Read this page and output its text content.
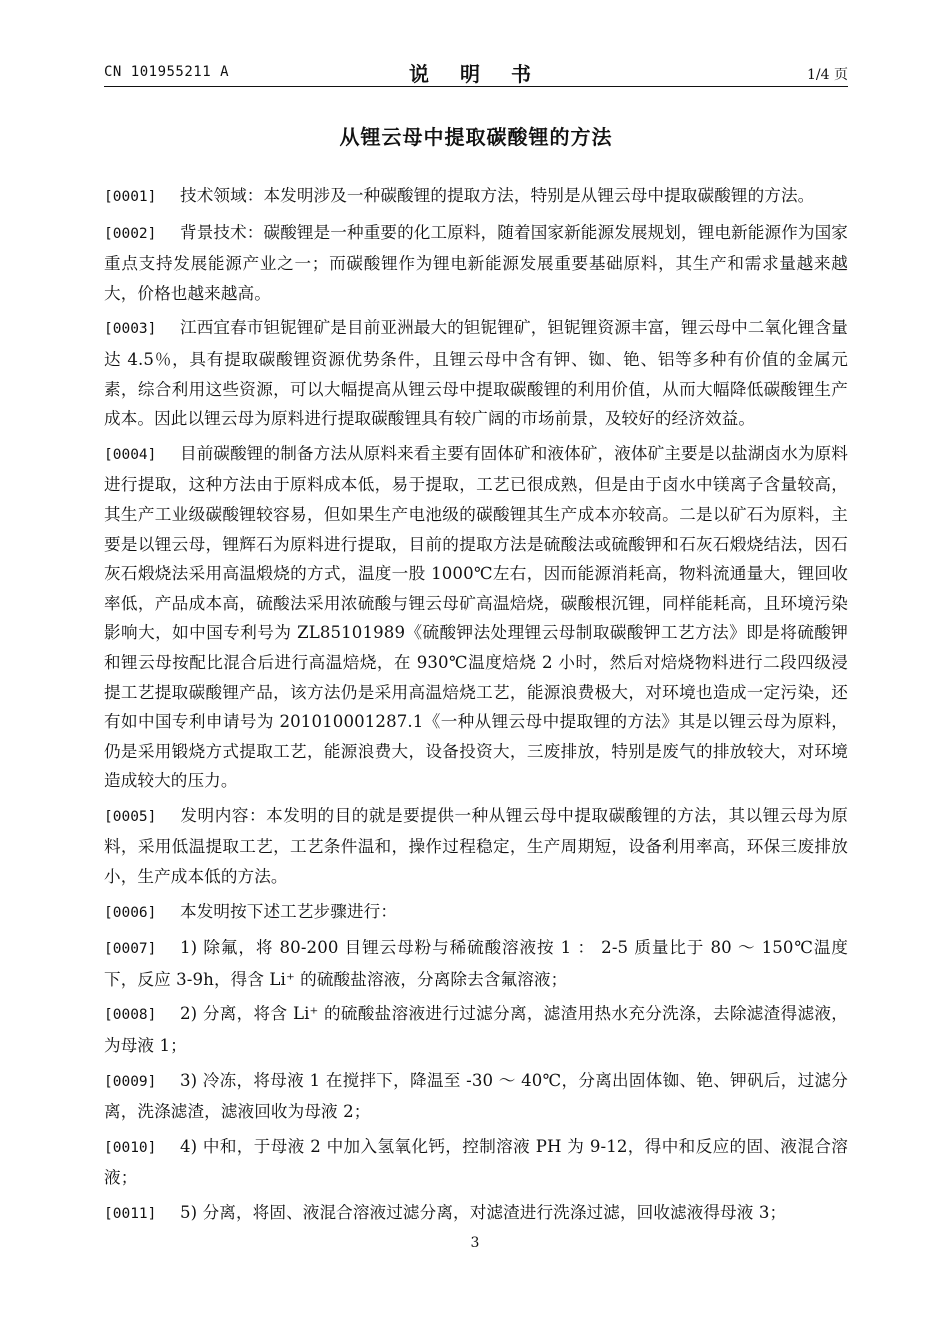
CN 101955211 A	说 明 书	1/4 页
从锂云母中提取碳酸锂的方法

[0001] 技术领域：本发明涉及一种碳酸锂的提取方法，特别是从锂云母中提取碳酸锂的方法。

[0002] 背景技术：碳酸锂是一种重要的化工原料，随着国家新能源发展规划，锂电新能源作为国家重点支持发展能源产业之一；而碳酸锂作为锂电新能源发展重要基础原料，其生产和需求量越来越大，价格也越来越高。

[0003] 江西宜春市钽铌锂矿是目前亚洲最大的钽铌锂矿，钽铌锂资源丰富，锂云母中二氧化锂含量达 4.5％，具有提取碳酸锂资源优势条件，且锂云母中含有钾、铷、铯、铝等多种有价值的金属元素，综合利用这些资源，可以大幅提高从锂云母中提取碳酸锂的利用价值，从而大幅降低碳酸锂生产成本。因此以锂云母为原料进行提取碳酸锂具有较广阔的市场前景，及较好的经济效益。

[0004] 目前碳酸锂的制备方法从原料来看主要有固体矿和液体矿，液体矿主要是以盐湖卤水为原料进行提取，这种方法由于原料成本低，易于提取，工艺已很成熟，但是由于卤水中镁离子含量较高，其生产工业级碳酸锂较容易，但如果生产电池级的碳酸锂其生产成本亦较高。二是以矿石为原料，主要是以锂云母，锂辉石为原料进行提取，目前的提取方法是硫酸法或硫酸钾和石灰石煅烧结法，因石灰石煅烧法采用高温煅烧的方式，温度一股 1000℃左右，因而能源消耗高，物料流通量大，锂回收率低，产品成本高，硫酸法采用浓硫酸与锂云母矿高温焙烧，碳酸根沉锂，同样能耗高，且环境污染影响大，如中国专利号为 ZL85101989《硫酸钾法处理锂云母制取碳酸钾工艺方法》即是将硫酸钾和锂云母按配比混合后进行高温焙烧，在 930℃温度焙烧 2 小时，然后对焙烧物料进行二段四级浸提工艺提取碳酸锂产品，该方法仍是采用高温焙烧工艺，能源浪费极大，对环境也造成一定污染，还有如中国专利申请号为 201010001287.1《一种从锂云母中提取锂的方法》其是以锂云母为原料，仍是采用锻烧方式提取工艺，能源浪费大，设备投资大，三废排放，特别是废气的排放较大，对环境造成较大的压力。

[0005] 发明内容：本发明的目的就是要提供一种从锂云母中提取碳酸锂的方法，其以锂云母为原料，采用低温提取工艺，工艺条件温和，操作过程稳定，生产周期短，设备利用率高，环保三废排放小，生产成本低的方法。

[0006] 本发明按下述工艺步骤进行：

[0007] 1) 除氟，将 80-200 目锂云母粉与稀硫酸溶液按 1 ： 2-5 质量比于 80 ～ 150℃温度下，反应 3-9h，得含 Li⁺ 的硫酸盐溶液，分离除去含氟溶液；

[0008] 2) 分离，将含 Li⁺ 的硫酸盐溶液进行过滤分离，滤渣用热水充分洗涤，去除滤渣得滤液，为母液 1；

[0009] 3) 冷冻，将母液 1 在搅拌下，降温至 -30 ～ 40℃，分离出固体铷、铯、钾矾后，过滤分离，洗涤滤渣，滤液回收为母液 2；

[0010] 4) 中和，于母液 2 中加入氢氧化钙，控制溶液 PH 为 9-12，得中和反应的固、液混合溶液；

[0011] 5) 分离，将固、液混合溶液过滤分离，对滤渣进行洗涤过滤，回收滤液得母液 3；

3
